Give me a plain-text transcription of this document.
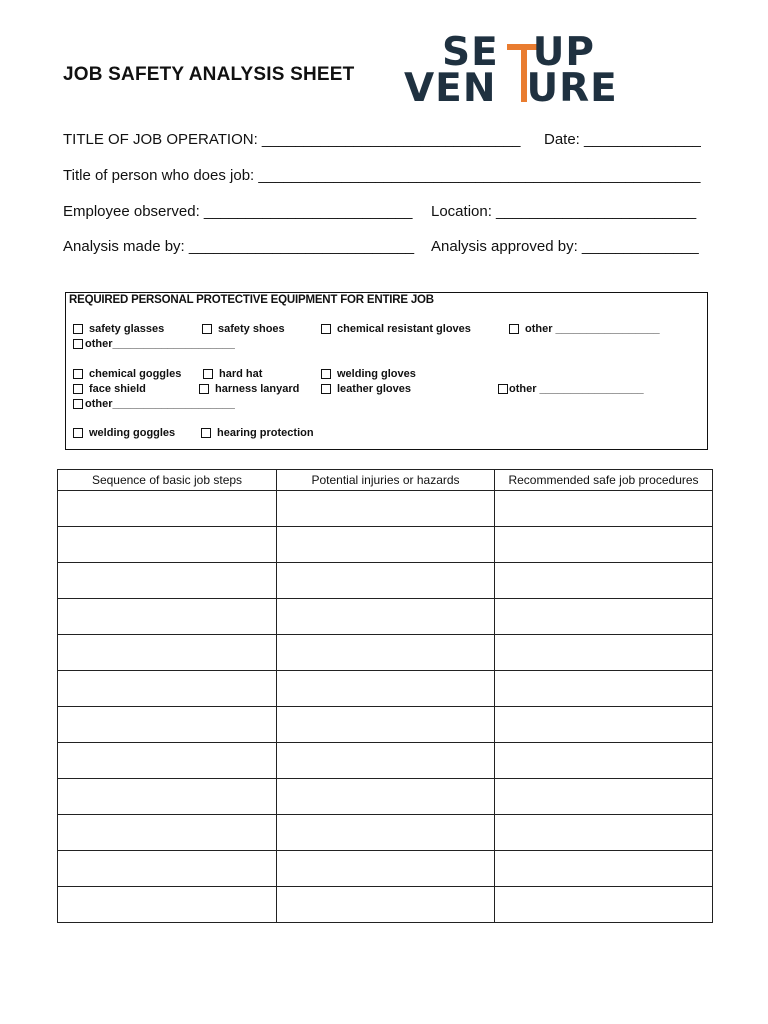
JOB SAFETY ANALYSIS SHEET SE UP
VEN URE
TITLE OF JOB OPERATION: _______________________________ Date: ______________
Title of person who does job: _____________________________________________________
Employee observed: _________________________ Location: ________________________
Analysis made by: ___________________________ Analysis approved by: ______________
REQUIRED PERSONAL PROTECTIVE EQUIPMENT FOR ENTIRE JOB
safety glasses	safety shoes	chemical resistant gloves	other _________________
other____________________
chemical goggles	hard hat	welding gloves
face shield	harness lanyard	leather gloves	other _________________
other____________________
welding goggles	hearing protection
Sequence of basic job steps	Potential injuries or hazards	Recommended safe job procedures
